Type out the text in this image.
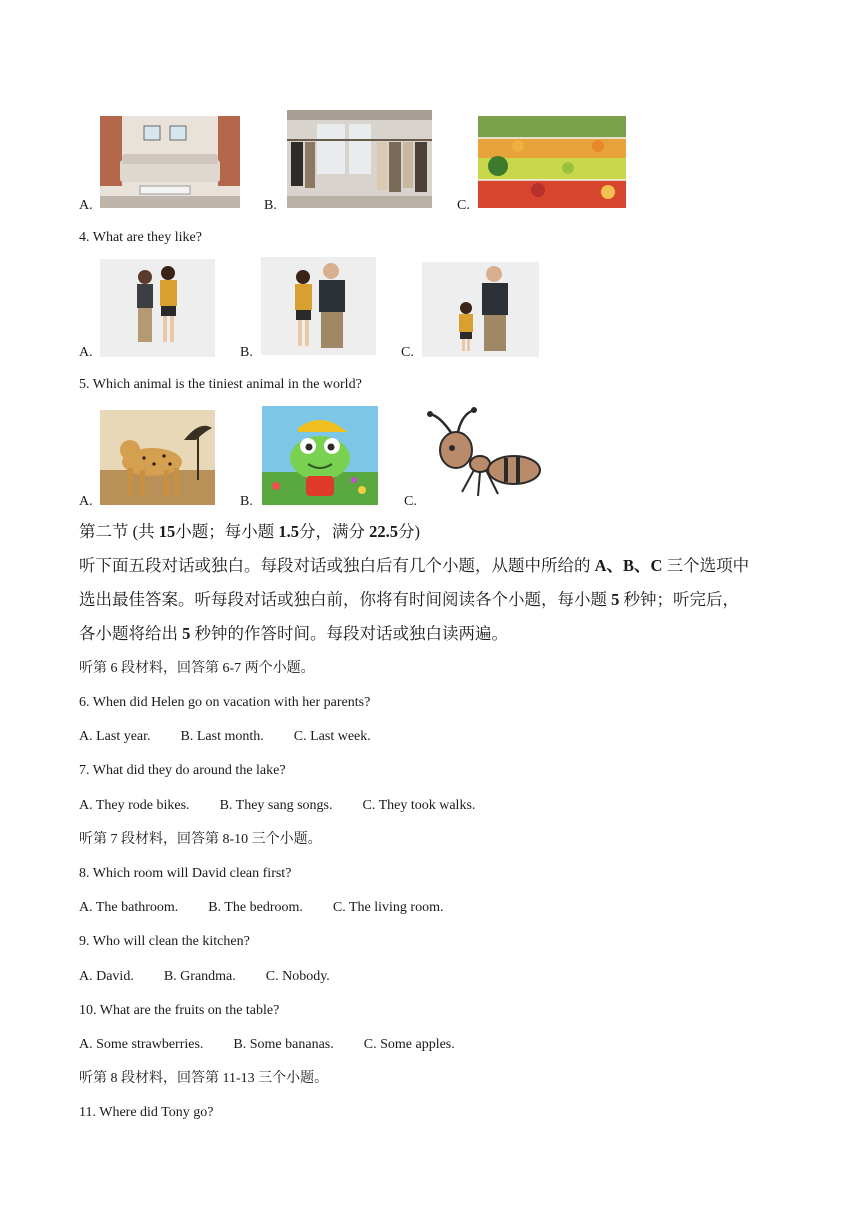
A.	B.	C.
4. What are they like?
A.	B.	C.
5. Which animal is the tiniest animal in the world?
A.	B.	C.
第二节 (共 15小题；每小题 1.5分，满分 22.5分)
听下面五段对话或独白。每段对话或独白后有几个小题，从题中所给的 A、B、C 三个选项中
选出最佳答案。听每段对话或独白前，你将有时间阅读各个小题，每小题 5 秒钟；听完后，
各小题将给出 5 秒钟的作答时间。每段对话或独白读两遍。
听第 6 段材料，回答第 6-7 两个小题。
6. When did Helen go on vacation with her parents?
A. Last year. B. Last month. C. Last week.
7. What did they do around the lake?
A. They rode bikes. B. They sang songs. C. They took walks.
听第 7 段材料，回答第 8-10 三个小题。
8. Which room will David clean first?
A. The bathroom. B. The bedroom. C. The living room.
9. Who will clean the kitchen?
A. David. B. Grandma. C. Nobody.
10. What are the fruits on the table?
A. Some strawberries. B. Some bananas. C. Some apples.
听第 8 段材料，回答第 11-13 三个小题。
11. Where did Tony go?
